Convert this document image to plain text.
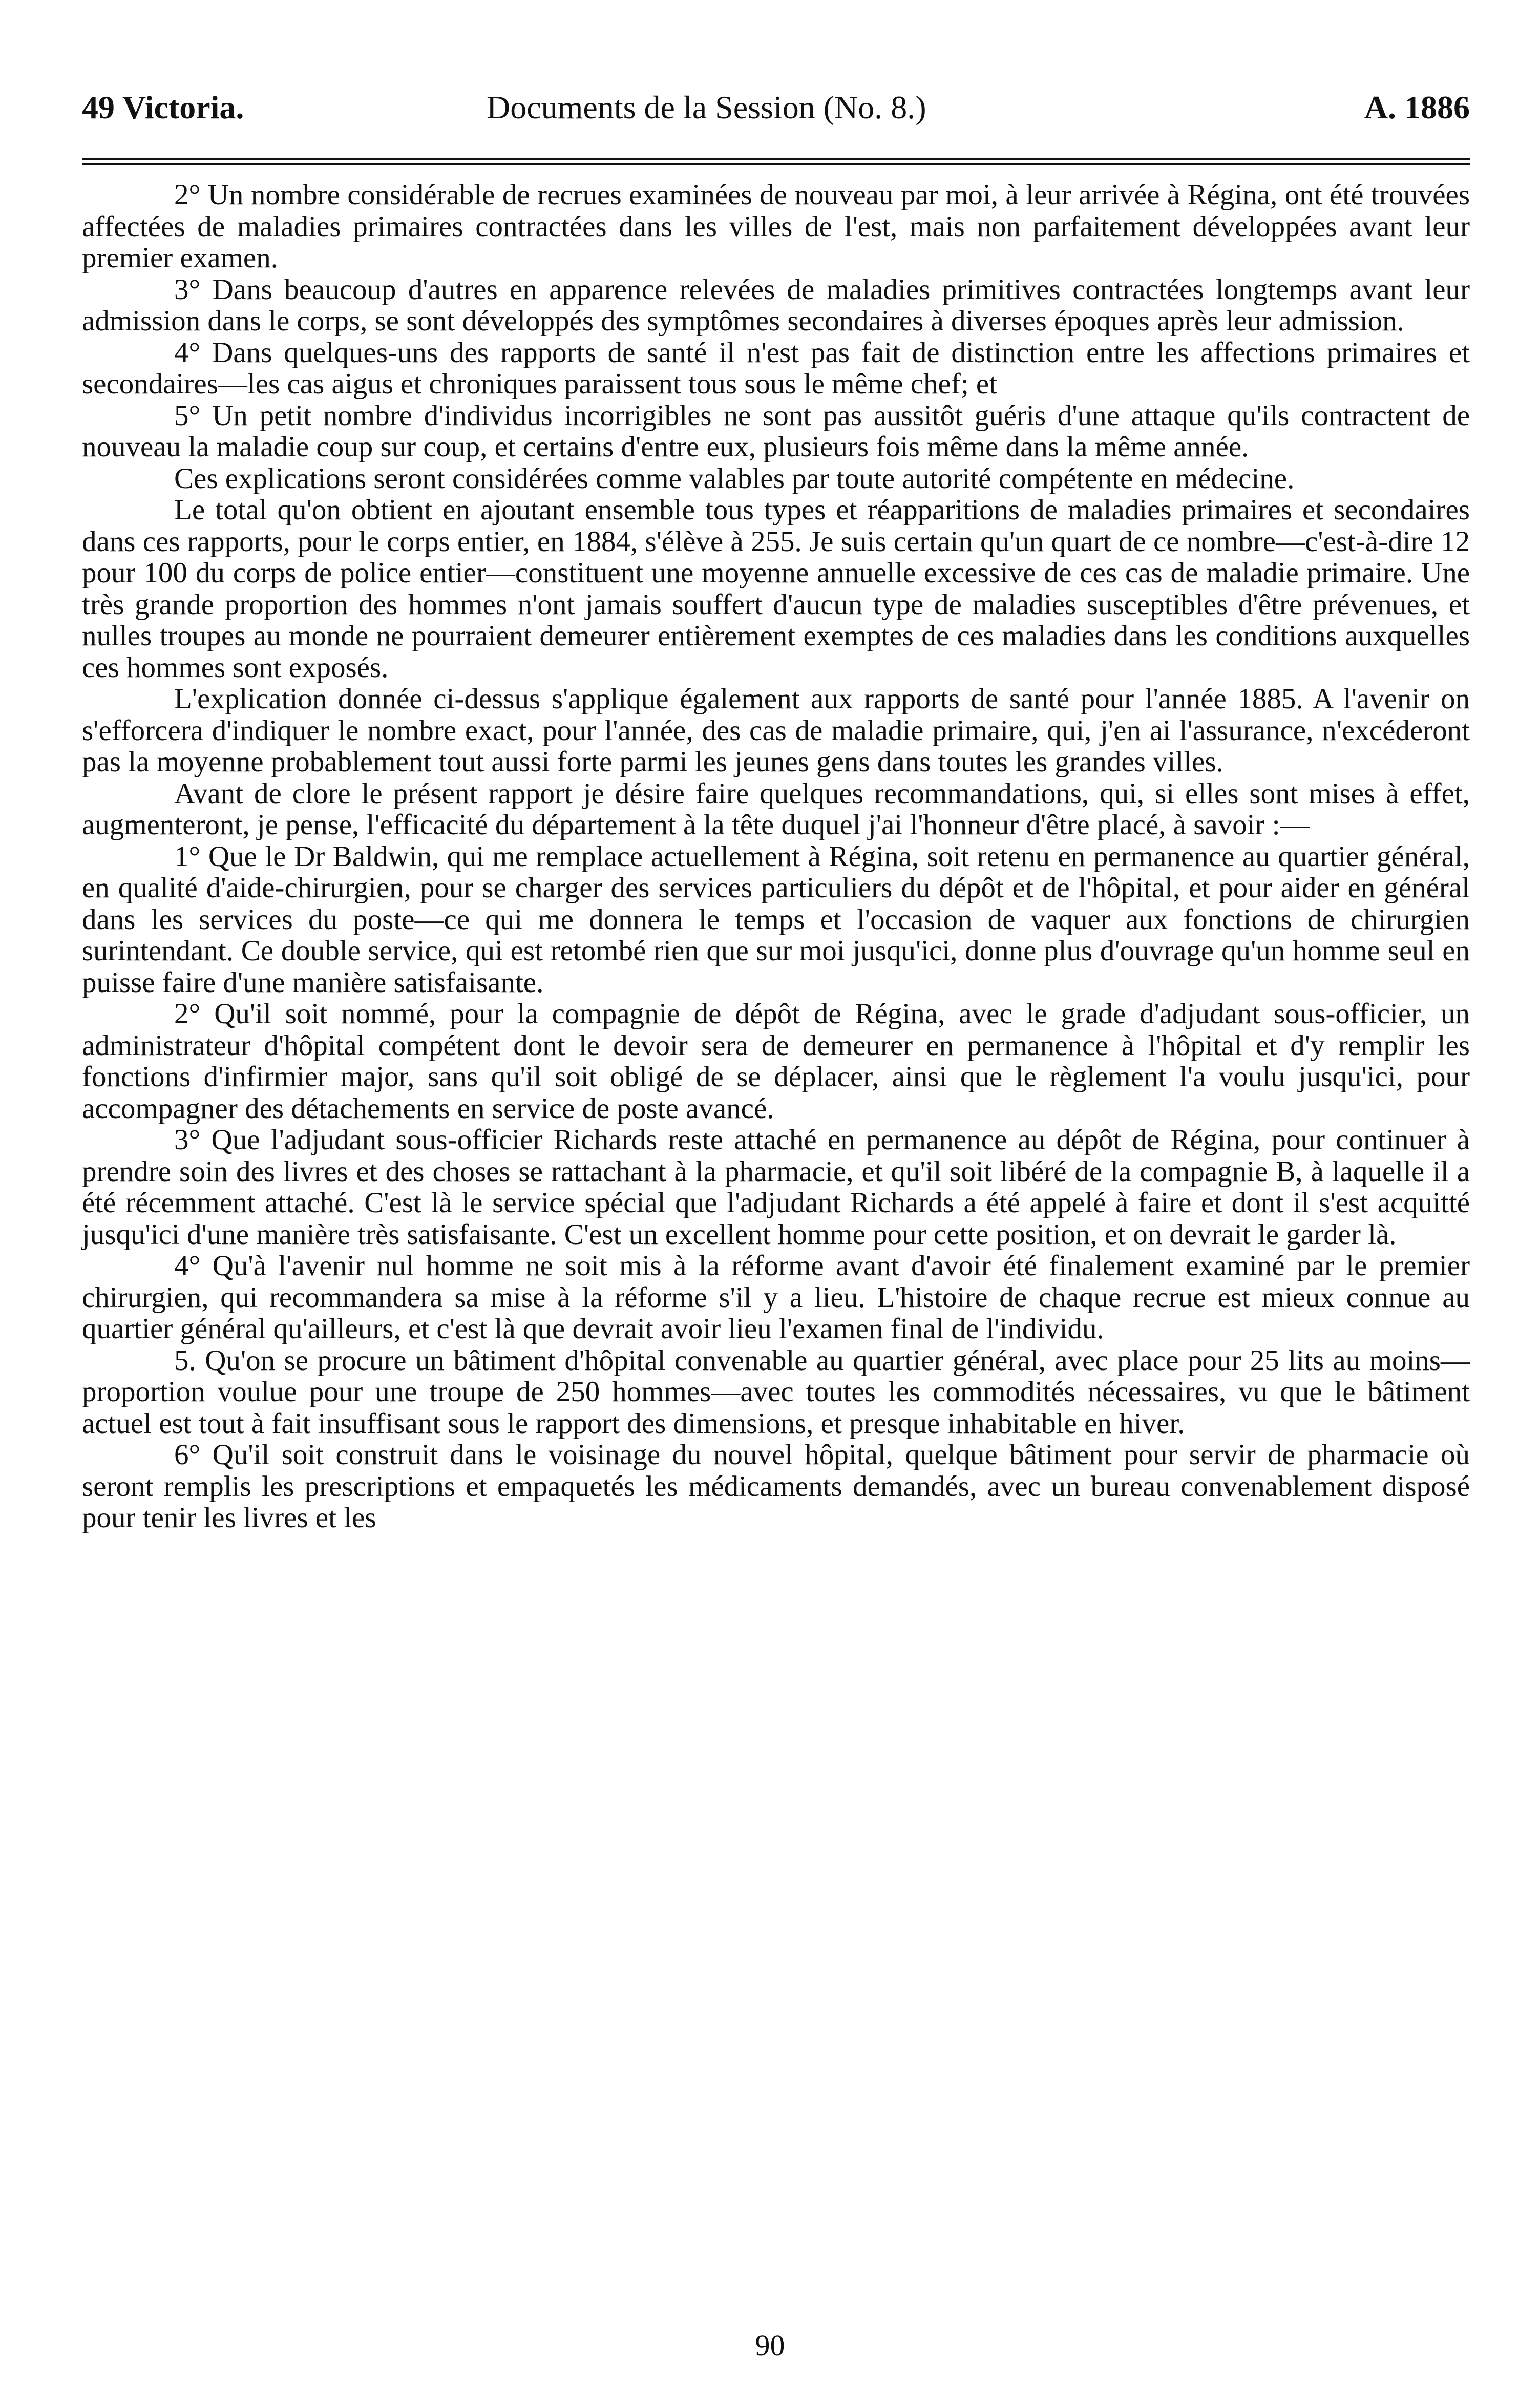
49 Victoria.	Documents de la Session (No. 8.)	A. 1886

2° Un nombre considérable de recrues examinées de nouveau par moi, à leur arrivée à Régina, ont été trouvées affectées de maladies primaires contractées dans les villes de l'est, mais non parfaitement développées avant leur premier examen.

3° Dans beaucoup d'autres en apparence relevées de maladies primitives contractées longtemps avant leur admission dans le corps, se sont développés des symptômes secondaires à diverses époques après leur admission.

4° Dans quelques-uns des rapports de santé il n'est pas fait de distinction entre les affections primaires et secondaires—les cas aigus et chroniques paraissent tous sous le même chef; et

5° Un petit nombre d'individus incorrigibles ne sont pas aussitôt guéris d'une attaque qu'ils contractent de nouveau la maladie coup sur coup, et certains d'entre eux, plusieurs fois même dans la même année.

Ces explications seront considérées comme valables par toute autorité compétente en médecine.

Le total qu'on obtient en ajoutant ensemble tous types et réapparitions de maladies primaires et secondaires dans ces rapports, pour le corps entier, en 1884, s'élève à 255. Je suis certain qu'un quart de ce nombre—c'est-à-dire 12 pour 100 du corps de police entier—constituent une moyenne annuelle excessive de ces cas de maladie primaire. Une très grande proportion des hommes n'ont jamais souffert d'aucun type de maladies susceptibles d'être prévenues, et nulles troupes au monde ne pourraient demeurer entièrement exemptes de ces maladies dans les conditions auxquelles ces hommes sont exposés.

L'explication donnée ci-dessus s'applique également aux rapports de santé pour l'année 1885. A l'avenir on s'efforcera d'indiquer le nombre exact, pour l'année, des cas de maladie primaire, qui, j'en ai l'assurance, n'excéderont pas la moyenne probablement tout aussi forte parmi les jeunes gens dans toutes les grandes villes.

Avant de clore le présent rapport je désire faire quelques recommandations, qui, si elles sont mises à effet, augmenteront, je pense, l'efficacité du département à la tête duquel j'ai l'honneur d'être placé, à savoir :—

1° Que le Dr Baldwin, qui me remplace actuellement à Régina, soit retenu en permanence au quartier général, en qualité d'aide-chirurgien, pour se charger des services particuliers du dépôt et de l'hôpital, et pour aider en général dans les services du poste—ce qui me donnera le temps et l'occasion de vaquer aux fonctions de chirurgien surintendant. Ce double service, qui est retombé rien que sur moi jusqu'ici, donne plus d'ouvrage qu'un homme seul en puisse faire d'une manière satisfaisante.

2° Qu'il soit nommé, pour la compagnie de dépôt de Régina, avec le grade d'adjudant sous-officier, un administrateur d'hôpital compétent dont le devoir sera de demeurer en permanence à l'hôpital et d'y remplir les fonctions d'infirmier major, sans qu'il soit obligé de se déplacer, ainsi que le règlement l'a voulu jusqu'ici, pour accompagner des détachements en service de poste avancé.

3° Que l'adjudant sous-officier Richards reste attaché en permanence au dépôt de Régina, pour continuer à prendre soin des livres et des choses se rattachant à la pharmacie, et qu'il soit libéré de la compagnie B, à laquelle il a été récemment attaché. C'est là le service spécial que l'adjudant Richards a été appelé à faire et dont il s'est acquitté jusqu'ici d'une manière très satisfaisante. C'est un excellent homme pour cette position, et on devrait le garder là.

4° Qu'à l'avenir nul homme ne soit mis à la réforme avant d'avoir été finalement examiné par le premier chirurgien, qui recommandera sa mise à la réforme s'il y a lieu. L'histoire de chaque recrue est mieux connue au quartier général qu'ailleurs, et c'est là que devrait avoir lieu l'examen final de l'individu.

5. Qu'on se procure un bâtiment d'hôpital convenable au quartier général, avec place pour 25 lits au moins—proportion voulue pour une troupe de 250 hommes—avec toutes les commodités nécessaires, vu que le bâtiment actuel est tout à fait insuffisant sous le rapport des dimensions, et presque inhabitable en hiver.

6° Qu'il soit construit dans le voisinage du nouvel hôpital, quelque bâtiment pour servir de pharmacie où seront remplis les prescriptions et empaquetés les médicaments demandés, avec un bureau convenablement disposé pour tenir les livres et les

90
